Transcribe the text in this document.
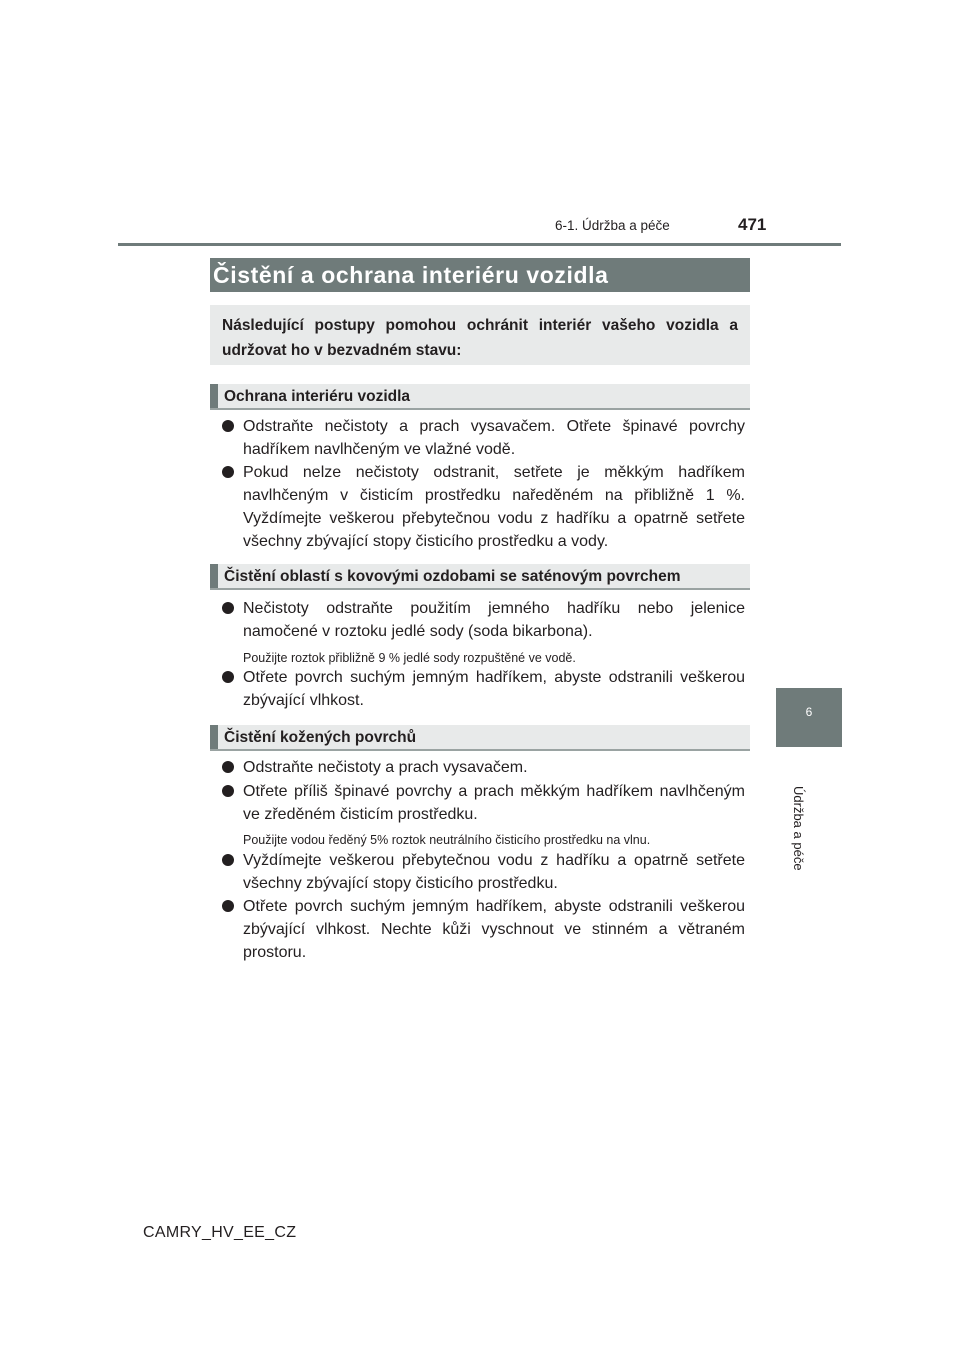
6-1. Údržba a péče	471
6
Údržba a péče
Čistění a ochrana interiéru vozidla
Následující postupy pomohou ochránit interiér vašeho vozidla a udržovat ho v bezvadném stavu:
Ochrana interiéru vozidla
Odstraňte nečistoty a prach vysavačem. Otřete špinavé povrchy hadříkem navlhčeným ve vlažné vodě.
Pokud nelze nečistoty odstranit, setřete je měkkým hadříkem navlhčeným v čisticím prostředku naředěném na přibližně 1 %. Vyždímejte veškerou přebytečnou vodu z hadříku a opatrně setřete všechny zbývající stopy čisticího prostředku a vody.
Čistění oblastí s kovovými ozdobami se saténovým povrchem
Nečistoty odstraňte použitím jemného hadříku nebo jelenice namočené v roztoku jedlé sody (soda bikarbona).
Použijte roztok přibližně 9 % jedlé sody rozpuštěné ve vodě.
Otřete povrch suchým jemným hadříkem, abyste odstranili veškerou zbývající vlhkost.
Čistění kožených povrchů
Odstraňte nečistoty a prach vysavačem.
Otřete příliš špinavé povrchy a prach měkkým hadříkem navlhčeným ve zředěném čisticím prostředku.
Použijte vodou ředěný 5% roztok neutrálního čisticího prostředku na vlnu.
Vyždímejte veškerou přebytečnou vodu z hadříku a opatrně setřete všechny zbývající stopy čisticího prostředku.
Otřete povrch suchým jemným hadříkem, abyste odstranili veškerou zbývající vlhkost. Nechte kůži vyschnout ve stinném a větraném prostoru.
CAMRY_HV_EE_CZ
